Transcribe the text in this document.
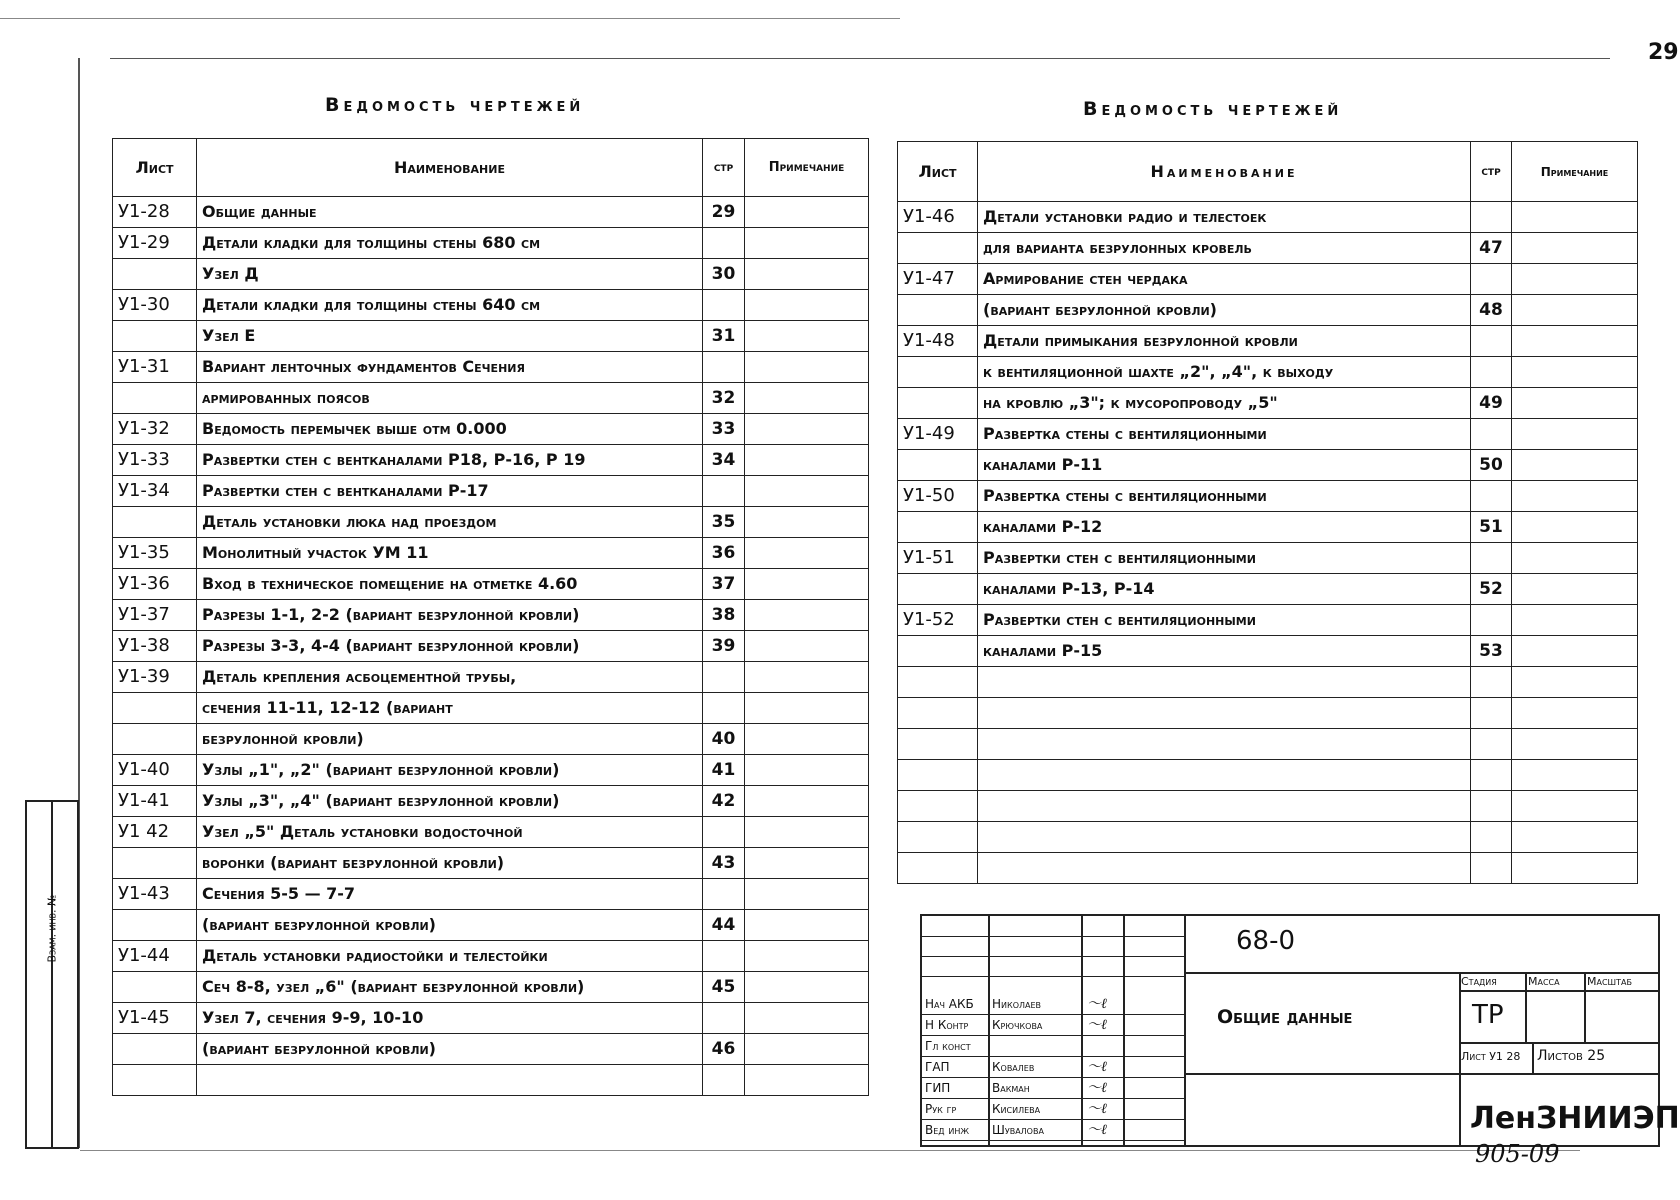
29
Взам. инв. №
Ведомость чертежей
Лист	Наименование	стр	Примечание
У1-28	Общие данные	29	
У1-29	Детали кладки для толщины стены 680 см		
	Узел Д	30	
У1-30	Детали кладки для толщины стены 640 см		
	Узел Е	31	
У1-31	Вариант ленточных фундаментов Сечения		
	армированных поясов	32	
У1-32	Ведомость перемычек выше отм 0.000	33	
У1-33	Развертки стен с вентканалами Р18, Р-16, Р 19	34	
У1-34	Развертки стен с вентканалами Р-17		
	Деталь установки люка над проездом	35	
У1-35	Монолитный участок УМ 11	36	
У1-36	Вход в техническое помещение на отметке 4.60	37	
У1-37	Разрезы 1-1, 2-2 (вариант безрулонной кровли)	38	
У1-38	Разрезы 3-3, 4-4 (вариант безрулонной кровли)	39	
У1-39	Деталь крепления асбоцементной трубы,		
	сечения 11-11, 12-12 (вариант		
	безрулонной кровли)	40	
У1-40	Узлы „1", „2" (вариант безрулонной кровли)	41	
У1-41	Узлы „3", „4" (вариант безрулонной кровли)	42	
У1 42	Узел „5" Деталь установки водосточной		
	воронки (вариант безрулонной кровли)	43	
У1-43	Сечения 5-5 — 7-7		
	(вариант безрулонной кровли)	44	
У1-44	Деталь установки радиостойки и телестойки		
	Сеч 8-8, узел „6" (вариант безрулонной кровли)	45	
У1-45	Узел 7, сечения 9-9, 10-10		
	(вариант безрулонной кровли)	46	

Ведомость чертежей
Лист	Наименование	стр	Примечание
У1-46	Детали установки радио и телестоек		
	для варианта безрулонных кровель	47	
У1-47	Армирование стен чердака		
	(вариант безрулонной кровли)	48	
У1-48	Детали примыкания безрулонной кровли		
	к вентиляционной шахте „2", „4", к выходу		
	на кровлю „3"; к мусоропроводу „5"	49	
У1-49	Развертка стены с вентиляционными		
	каналами Р-11	50	
У1-50	Развертка стены с вентиляционными		
	каналами Р-12	51	
У1-51	Развертки стен с вентиляционными		
	каналами Р-13, Р-14	52	
У1-52	Развертки стен с вентиляционными		
	каналами Р-15	53	

68-0
Общие данные
Стадия	Масса Масштаб
ТР
Лист У1 28 Листов 25
ЛенЗНИИЭП
Нач АКБ Николаев	〜ℓ
Н Контр Крючкова	〜ℓ
Гл конст
ГАП	Ковалев	〜ℓ
ГИП	Вакман	〜ℓ
Рук гр	Кисилева	〜ℓ
Вед инж Шувалова	〜ℓ
905-09
